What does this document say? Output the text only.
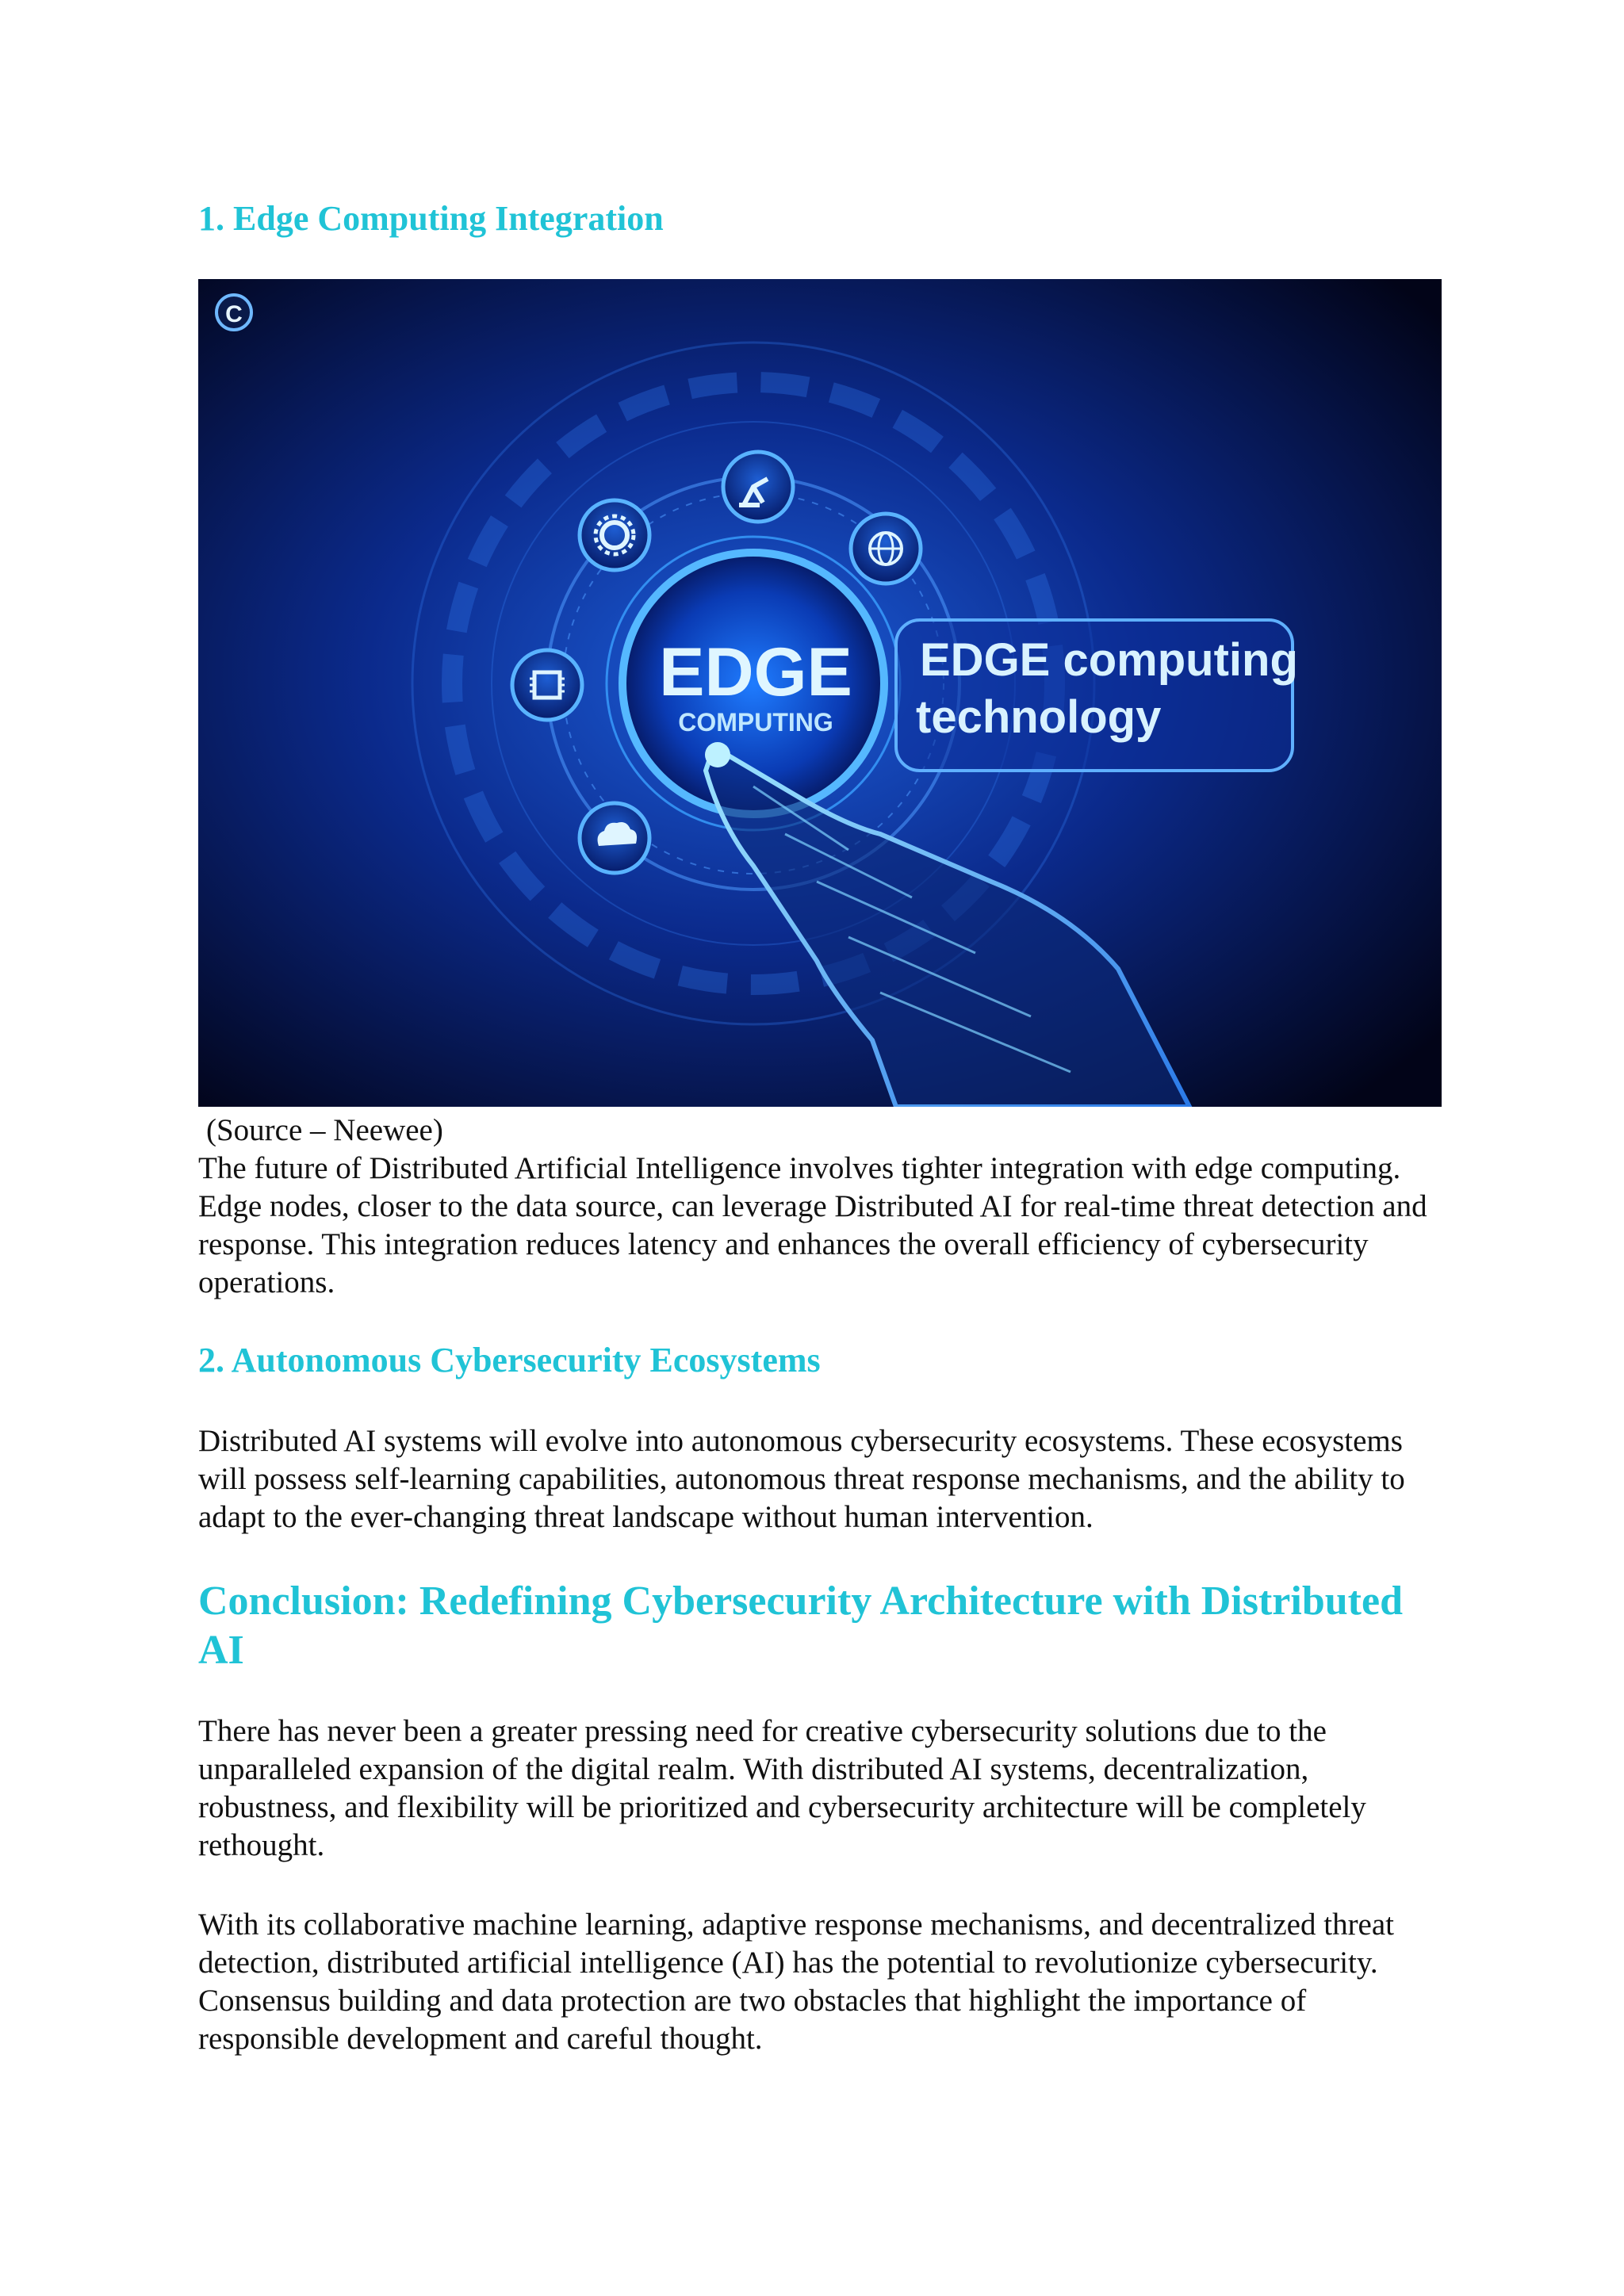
1. Edge Computing Integration
EDGE
COMPUTING
EDGE computing
technology
C

(Source – Neewee)

The future of Distributed Artificial Intelligence involves tighter integration with edge computing. Edge nodes, closer to the data source, can leverage Distributed AI for real-time threat detection and response. This integration reduces latency and enhances the overall efficiency of cybersecurity operations.

2. Autonomous Cybersecurity Ecosystems

Distributed AI systems will evolve into autonomous cybersecurity ecosystems. These ecosystems will possess self-learning capabilities, autonomous threat response mechanisms, and the ability to adapt to the ever-changing threat landscape without human intervention.

Conclusion: Redefining Cybersecurity Architecture with Distributed AI

There has never been a greater pressing need for creative cybersecurity solutions due to the unparalleled expansion of the digital realm. With distributed AI systems, decentralization, robustness, and flexibility will be prioritized and cybersecurity architecture will be completely rethought.

With its collaborative machine learning, adaptive response mechanisms, and decentralized threat detection, distributed artificial intelligence (AI) has the potential to revolutionize cybersecurity. Consensus building and data protection are two obstacles that highlight the importance of responsible development and careful thought.
